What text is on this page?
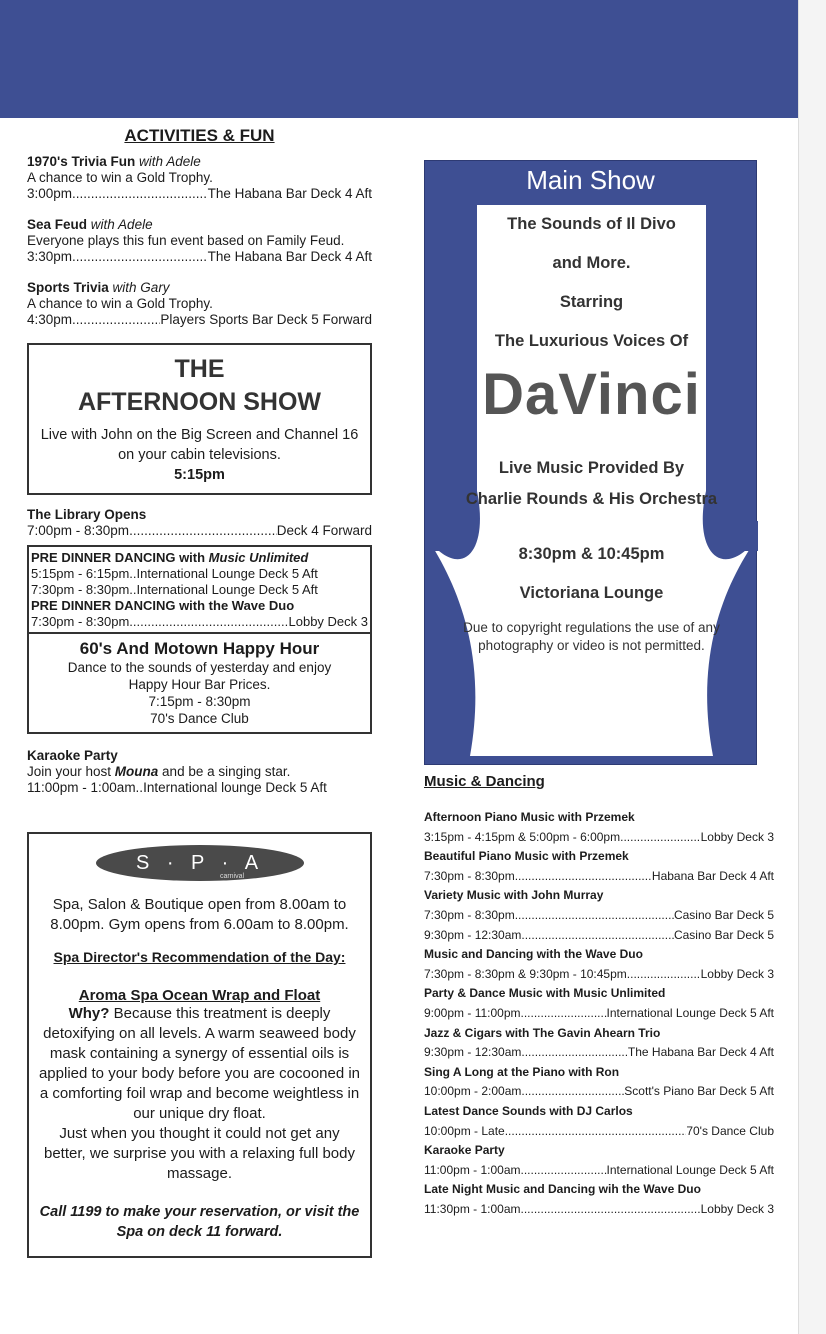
ACTIVITIES & FUN
1970's Trivia Fun with Adele
A chance to win a Gold Trophy.
3:00pm .....	The Habana Bar Deck 4 Aft
Sea Feud with Adele
Everyone plays this fun event based on Family Feud.
3:30pm .....	The Habana Bar Deck 4 Aft
Sports Trivia with Gary
A chance to win a Gold Trophy.
4:30pm .....	Players Sports Bar Deck 5 Forward
THE
AFTERNOON SHOW
Live with John on the Big Screen and Channel 16 on your cabin televisions.
5:15pm
The Library Opens
7:00pm - 8:30pm .....	Deck 4 Forward
PRE DINNER DANCING with Music Unlimited
5:15pm - 6:15pm.. International Lounge Deck 5 Aft
7:30pm - 8:30pm.. International Lounge Deck 5 Aft
PRE DINNER DANCING with the Wave Duo
7:30pm - 8:30pm .....	Lobby Deck 3
60's And Motown Happy Hour
Dance to the sounds of yesterday and enjoy
Happy Hour Bar Prices.
7:15pm - 8:30pm
70's Dance Club
Karaoke Party
Join your host Mouna and be a singing star.
11:00pm - 1:00am.. International lounge Deck 5 Aft
S · P · A
carnival
Spa, Salon & Boutique open from 8.00am to 8.00pm. Gym opens from 6.00am to 8.00pm.
Spa Director's Recommendation of the Day:
Aroma Spa Ocean Wrap and Float
Why? Because this treatment is deeply detoxifying on all levels. A warm seaweed body mask containing a synergy of essential oils is applied to your body before you are cocooned in a comforting foil wrap and become weightless in our unique dry float.
Just when you thought it could not get any better, we surprise you with a relaxing full body massage.
Call 1199 to make your reservation, or visit the Spa on deck 11 forward.
Main Show
The Sounds of Il Divo
and More.
Starring
The Luxurious Voices Of
DaVinci
Live Music Provided By
Charlie Rounds & His Orchestra
8:30pm & 10:45pm
Victoriana Lounge
Due to copyright regulations the use of any photography or video is not permitted.
Music & Dancing
Afternoon Piano Music with Przemek
3:15pm - 4:15pm & 5:00pm - 6:00pm .....	Lobby Deck 3
Beautiful Piano Music with Przemek
7:30pm - 8:30pm .....	Habana Bar Deck 4 Aft
Variety Music with John Murray
7:30pm - 8:30pm .....	Casino Bar Deck 5
9:30pm - 12:30am .....	Casino Bar Deck 5
Music and Dancing with the Wave Duo
7:30pm - 8:30pm & 9:30pm - 10:45pm .....	Lobby Deck 3
Party & Dance Music with Music Unlimited
9:00pm - 11:00pm .....	International Lounge Deck 5 Aft
Jazz & Cigars with The Gavin Ahearn Trio
9:30pm - 12:30am .....	The Habana Bar Deck 4 Aft
Sing A Long at the Piano with Ron
10:00pm - 2:00am .....	Scott's Piano Bar Deck 5 Aft
Latest Dance Sounds with DJ Carlos
10:00pm - Late .....	70's Dance Club
Karaoke Party
11:00pm - 1:00am .....	International Lounge Deck 5 Aft
Late Night Music and Dancing wih the Wave Duo
11:30pm - 1:00am .....	Lobby Deck 3
